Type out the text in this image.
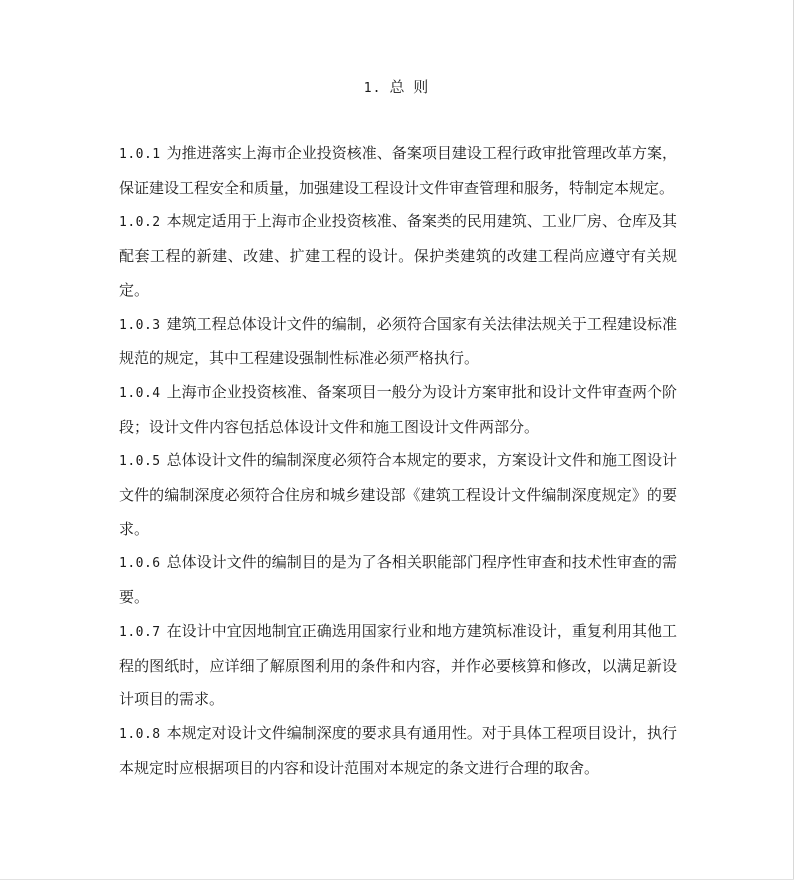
1. 总 则

1.0.1 为推进落实上海市企业投资核准、备案项目建设工程行政审批管理改革方案，保证建设工程安全和质量，加强建设工程设计文件审查管理和服务，特制定本规定。

1.0.2 本规定适用于上海市企业投资核准、备案类的民用建筑、工业厂房、仓库及其配套工程的新建、改建、扩建工程的设计。保护类建筑的改建工程尚应遵守有关规定。

1.0.3 建筑工程总体设计文件的编制，必须符合国家有关法律法规关于工程建设标准规范的规定，其中工程建设强制性标准必须严格执行。

1.0.4 上海市企业投资核准、备案项目一般分为设计方案审批和设计文件审查两个阶段；设计文件内容包括总体设计文件和施工图设计文件两部分。

1.0.5 总体设计文件的编制深度必须符合本规定的要求，方案设计文件和施工图设计文件的编制深度必须符合住房和城乡建设部《建筑工程设计文件编制深度规定》的要求。

1.0.6 总体设计文件的编制目的是为了各相关职能部门程序性审查和技术性审查的需要。

1.0.7 在设计中宜因地制宜正确选用国家行业和地方建筑标准设计，重复利用其他工程的图纸时，应详细了解原图利用的条件和内容，并作必要核算和修改，以满足新设计项目的需求。

1.0.8 本规定对设计文件编制深度的要求具有通用性。对于具体工程项目设计，执行本规定时应根据项目的内容和设计范围对本规定的条文进行合理的取舍。
